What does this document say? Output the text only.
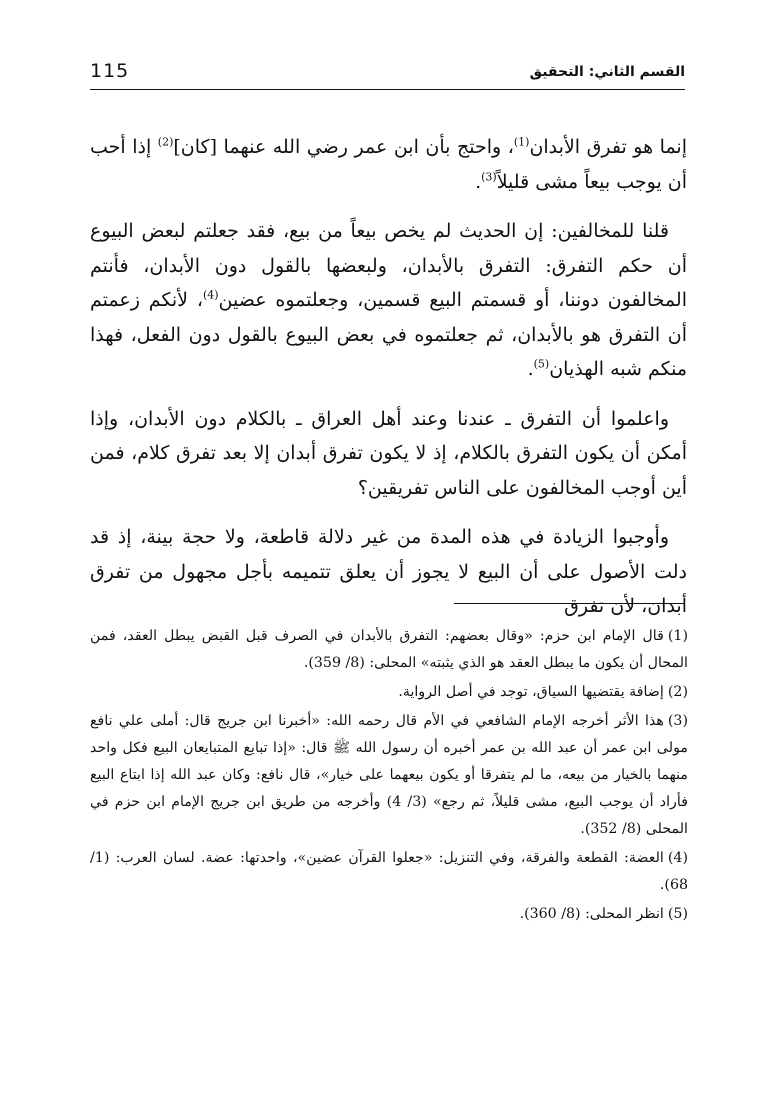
115	القسم الثاني: التحقيق

إنما هو تفرق الأبدان$^{(1)}$، واحتج بأن ابن عمر رضي الله عنهما [كان]$^{(2)}$ إذا أحب أن يوجب بيعاً مشى قليلاً$^{(3)}$.

قلنا للمخالفين: إن الحديث لم يخص بيعاً من بيع، فقد جعلتم لبعض البيوع أن حكم التفرق: التفرق بالأبدان، ولبعضها بالقول دون الأبدان، فأنتم المخالفون دوننا، أو قسمتم البيع قسمين، وجعلتموه عضين$^{(4)}$، لأنكم زعمتم أن التفرق هو بالأبدان، ثم جعلتموه في بعض البيوع بالقول دون الفعل، فهذا منكم شبه الهذيان$^{(5)}$.

واعلموا أن التفرق ـ عندنا وعند أهل العراق ـ بالكلام دون الأبدان، وإذا أمكن أن يكون التفرق بالكلام، إذ لا يكون تفرق أبدان إلا بعد تفرق كلام، فمن أين أوجب المخالفون على الناس تفريقين؟

وأوجبوا الزيادة في هذه المدة من غير دلالة قاطعة، ولا حجة بينة، إذ قد دلت الأصول على أن البيع لا يجوز أن يعلق تتميمه بأجل مجهول من تفرق أبدان، لأن تفرق

(1)قال الإمام ابن حزم: «وقال بعضهم: التفرق بالأبدان في الصرف قبل القبض يبطل العقد، فمن المحال أن يكون ما يبطل العقد هو الذي يثبته» المحلى: (8/ 359).

(2)إضافة يقتضيها السياق، توجد في أصل الرواية.

(3)هذا الأثر أخرجه الإمام الشافعي في الأم قال رحمه الله: «أخبرنا ابن جريج قال: أملى علي نافع مولى ابن عمر أن عبد الله بن عمر أخبره أن رسول الله ﷺ قال: «إذا تبايع المتبايعان البيع فكل واحد منهما بالخيار من بيعه، ما لم يتفرقا أو يكون بيعهما على خيار»، قال نافع: وكان عبد الله إذا ابتاع البيع فأراد أن يوجب البيع، مشى قليلاً، ثم رجع» (3/ 4) وأخرجه من طريق ابن جريج الإمام ابن حزم في المحلى (8/ 352).

(4)العضة: القطعة والفرقة، وفي التنزيل: «جعلوا القرآن عضين»، واحدتها: عضة. لسان العرب: (1/ 68).

(5)انظر المحلى: (8/ 360).
